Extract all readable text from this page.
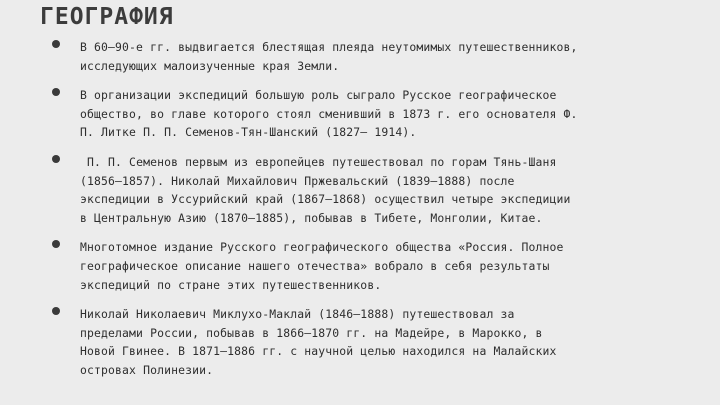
ГЕОГРАФИЯ
В 60—90-е гг. выдвигается блестящая плеяда неутомимых путешественников,
исследующих малоизученные края Земли.
В организации экспедиций большую роль сыграло Русское географическое
общество, во главе которого стоял сменивший в 1873 г. его основателя Ф.
П. Литке П. П. Семенов-Тян-Шанский (1827— 1914).
П. П. Семенов первым из европейцев путешествовал по горам Тянь-Шаня
(1856—1857). Николай Михайлович Пржевальский (1839—1888) после
экспедиции в Уссурийский край (1867—1868) осуществил четыре экспедиции
в Центральную Азию (1870—1885), побывав в Тибете, Монголии, Китае.
Многотомное издание Русского географического общества «Россия. Полное
географическое описание нашего отечества» вобрало в себя результаты
экспедиций по стране этих путешественников.
Николай Николаевич Миклухо-Маклай (1846—1888) путешествовал за
пределами России, побывав в 1866—1870 гг. на Мадейре, в Марокко, в
Новой Гвинее. В 1871—1886 гг. с научной целью находился на Малайских
островах Полинезии.
